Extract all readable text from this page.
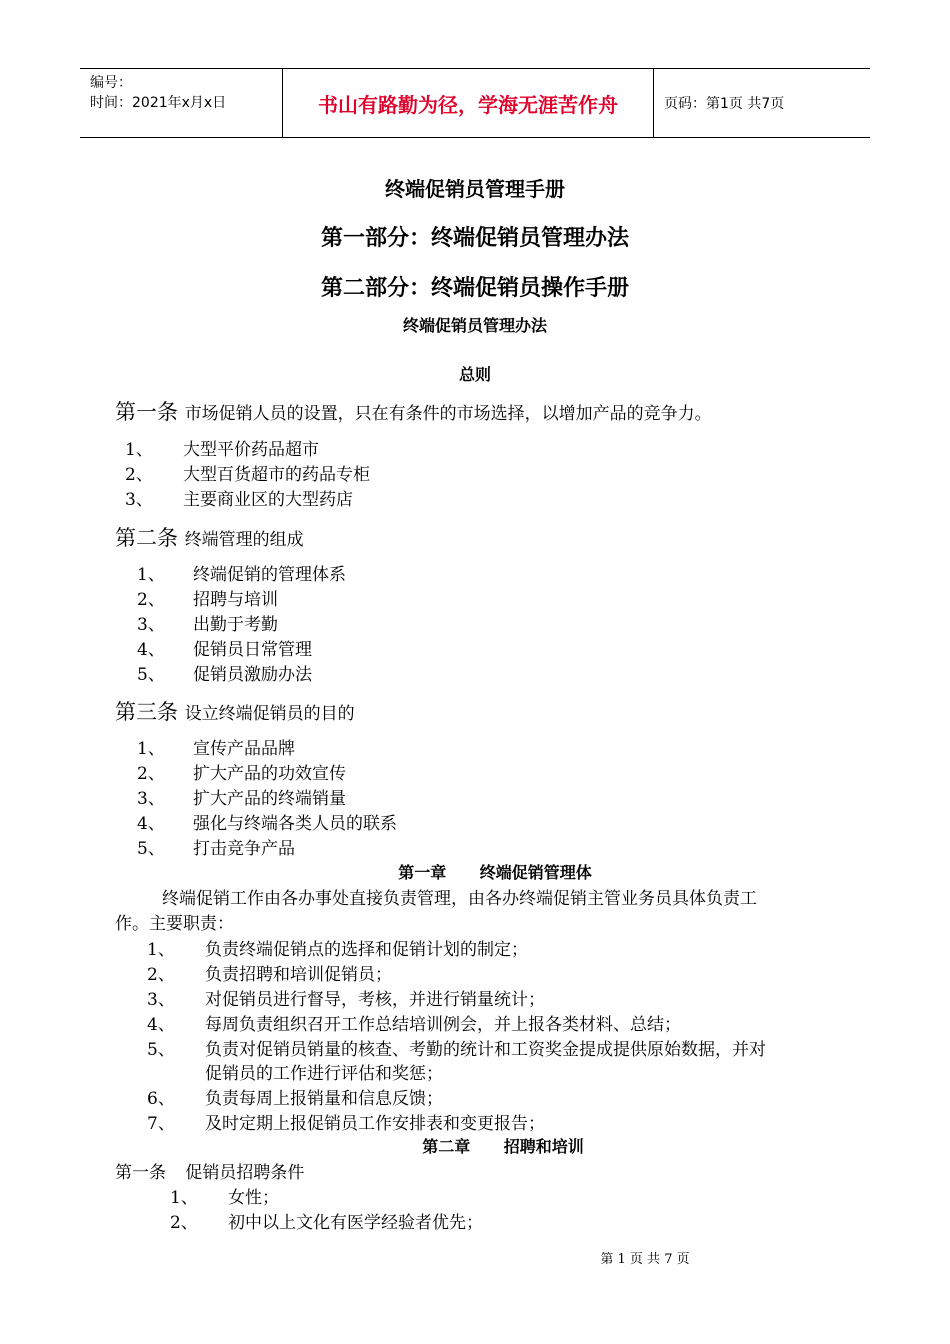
编号：
时间：2021年x月x日	书山有路勤为径，学海无涯苦作舟	页码：第1页 共7页
终端促销员管理手册
第一部分：终端促销员管理办法
第二部分：终端促销员操作手册
终端促销员管理办法
总则
第一条 市场促销人员的设置，只在有条件的市场选择，以增加产品的竞争力。
1、 大型平价药品超市
2、 大型百货超市的药品专柜
3、 主要商业区的大型药店
第二条 终端管理的组成
1、 终端促销的管理体系
2、 招聘与培训
3、 出勤于考勤
4、 促销员日常管理
5、 促销员激励办法
第三条 设立终端促销员的目的
1、 宣传产品品牌
2、 扩大产品的功效宣传
3、 扩大产品的终端销量
4、 强化与终端各类人员的联系
5、 打击竞争产品
第一章      终端促销管理体
终端促销工作由各办事处直接负责管理，由各办终端促销主管业务员具体负责工
作。主要职责：
1、 负责终端促销点的选择和促销计划的制定；
2、 负责招聘和培训促销员；
3、 对促销员进行督导，考核，并进行销量统计；
4、 每周负责组织召开工作总结培训例会，并上报各类材料、总结；
5、 负责对促销员销量的核查、考勤的统计和工资奖金提成提供原始数据，并对
促销员的工作进行评估和奖惩；
6、 负责每周上报销量和信息反馈；
7、 及时定期上报促销员工作安排表和变更报告；
第二章      招聘和培训
第一条 促销员招聘条件
1、 女性；
2、 初中以上文化有医学经验者优先；
第 1 页 共 7 页
